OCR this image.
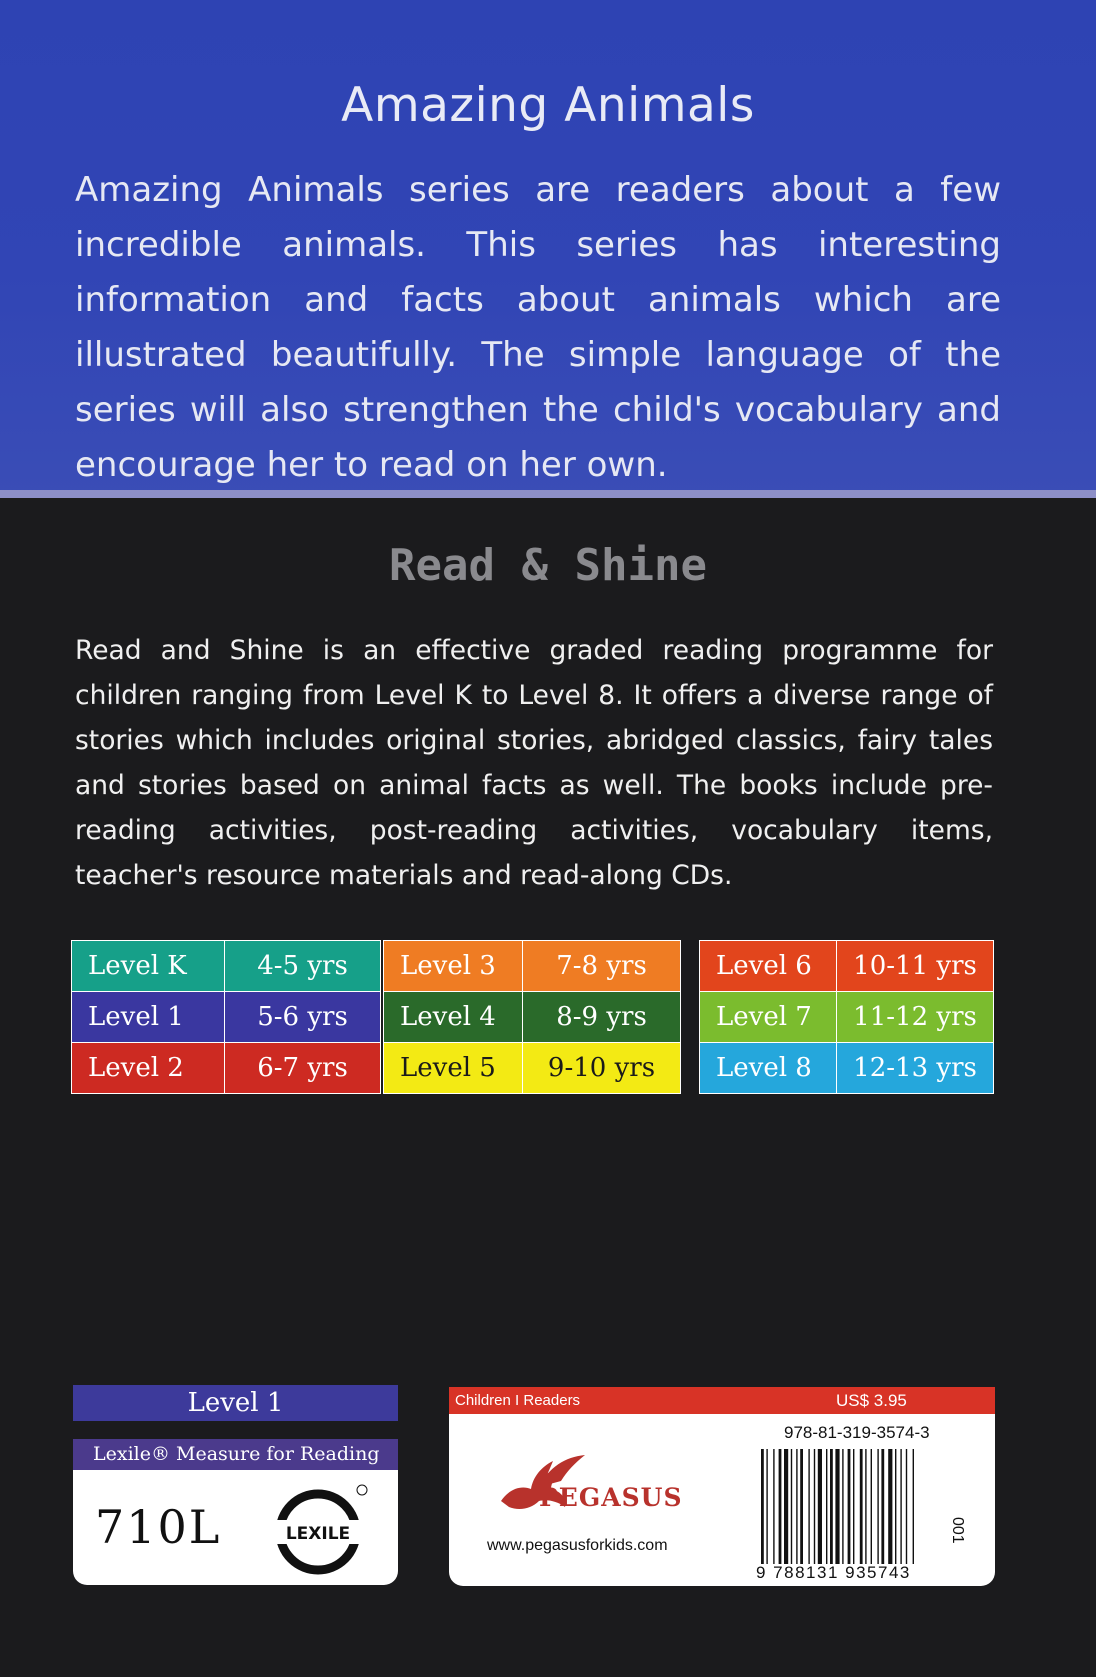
Amazing Animals
Amazing Animals series are readers about a few incredible animals. This series has interesting information and facts about animals which are illustrated beautifully. The simple language of the series will also strengthen the child's vocabulary and encourage her to read on her own.
Read & Shine
Read and Shine is an effective graded reading programme for children ranging from Level K to Level 8. It offers a diverse range of stories which includes original stories, abridged classics, fairy tales and stories based on animal facts as well. The books include pre-reading activities, post-reading activities, vocabulary items, teacher's resource materials and read-along CDs.
Level K	4-5 yrs
Level 1	5-6 yrs
Level 2	6-7 yrs
Level 3	7-8 yrs
Level 4	8-9 yrs
Level 5	9-10 yrs
Level 6	10-11 yrs
Level 7	11-12 yrs
Level 8	12-13 yrs
Level 1
Lexile® Measure for Reading
710L	LEXILE
Children I Readers	US$ 3.95
978-81-319-3574-3
PEGASUS
www.pegasusforkids.com
9 788131 935743
001
